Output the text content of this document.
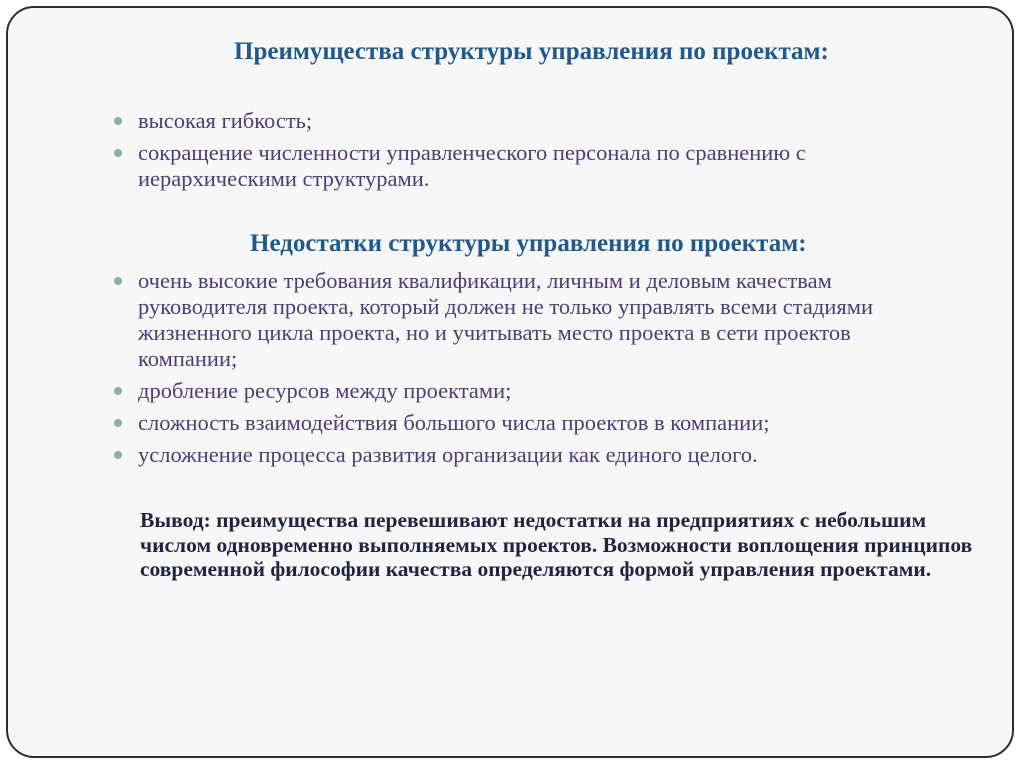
Преимущества структуры управления по проектам:
высокая гибкость;
сокращение численности управленческого персонала по сравнению с иерархическими структурами.
Недостатки структуры управления по проектам:
очень высокие требования квалификации, личным и деловым качествам руководителя проекта, который должен не только управлять всеми стадиями жизненного цикла проекта, но и учитывать место проекта в сети проектов компании;
дробление ресурсов между проектами;
сложность взаимодействия большого числа проектов в компании;
усложнение процесса развития организации как единого целого.

Вывод: преимущества перевешивают недостатки на предприятиях с небольшим числом одновременно выполняемых проектов. Возможности воплощения принципов современной философии качества определяются формой управления проектами.
